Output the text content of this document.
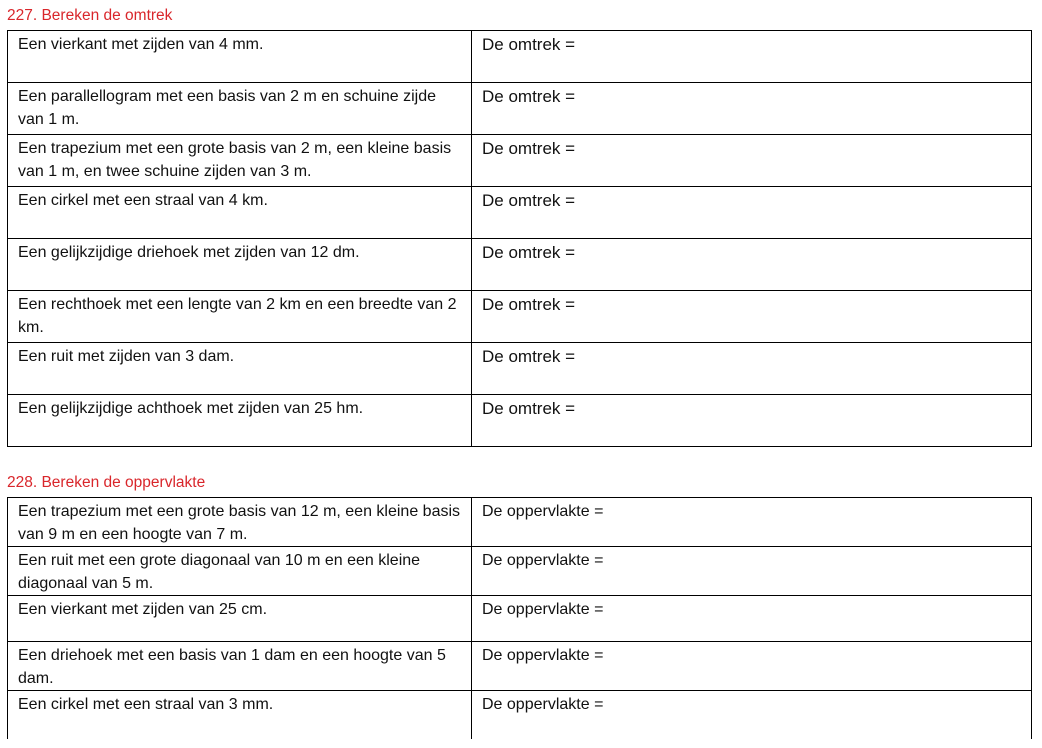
227. Bereken de omtrek
Een vierkant met zijden van 4 mm.	De omtrek =
Een parallellogram met een basis van 2 m en schuine zijde van 1 m.	De omtrek =
Een trapezium met een grote basis van 2 m, een kleine basis van 1 m, en twee schuine zijden van 3 m.	De omtrek =
Een cirkel met een straal van 4 km.	De omtrek =
Een gelijkzijdige driehoek met zijden van 12 dm.	De omtrek =
Een rechthoek met een lengte van 2 km en een breedte van 2 km.	De omtrek =
Een ruit met zijden van 3 dam.	De omtrek =
Een gelijkzijdige achthoek met zijden van 25 hm.	De omtrek =
228. Bereken de oppervlakte
Een trapezium met een grote basis van 12 m, een kleine basis van 9 m en een hoogte van 7 m.	De oppervlakte =
Een ruit met een grote diagonaal van 10 m en een kleine diagonaal van 5 m.	De oppervlakte =
Een vierkant met zijden van 25 cm.	De oppervlakte =
Een driehoek met een basis van 1 dam en een hoogte van 5 dam.	De oppervlakte =
Een cirkel met een straal van 3 mm.	De oppervlakte =
